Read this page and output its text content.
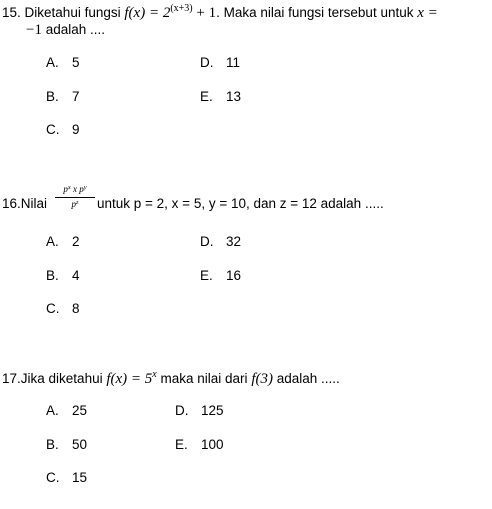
15. Diketahui fungsi $f(x) = 2^{(x+3)} + 1$. Maka nilai fungsi tersebut untuk x =
−1 adalah ....
A. 5	D. 11
B. 7	E. 13
C. 9
16.Nilai
$p^x$ x $p^y$
$p^z$	untuk p = 2, x = 5, y = 10, dan z = 12 adalah .....
A. 2	D. 32
B. 4	E. 16
C. 8
17.Jika diketahui $f(x) = 5^x$ maka nilai dari f(3) adalah .....
A. 25	D. 125
B. 50	E. 100
C. 15
